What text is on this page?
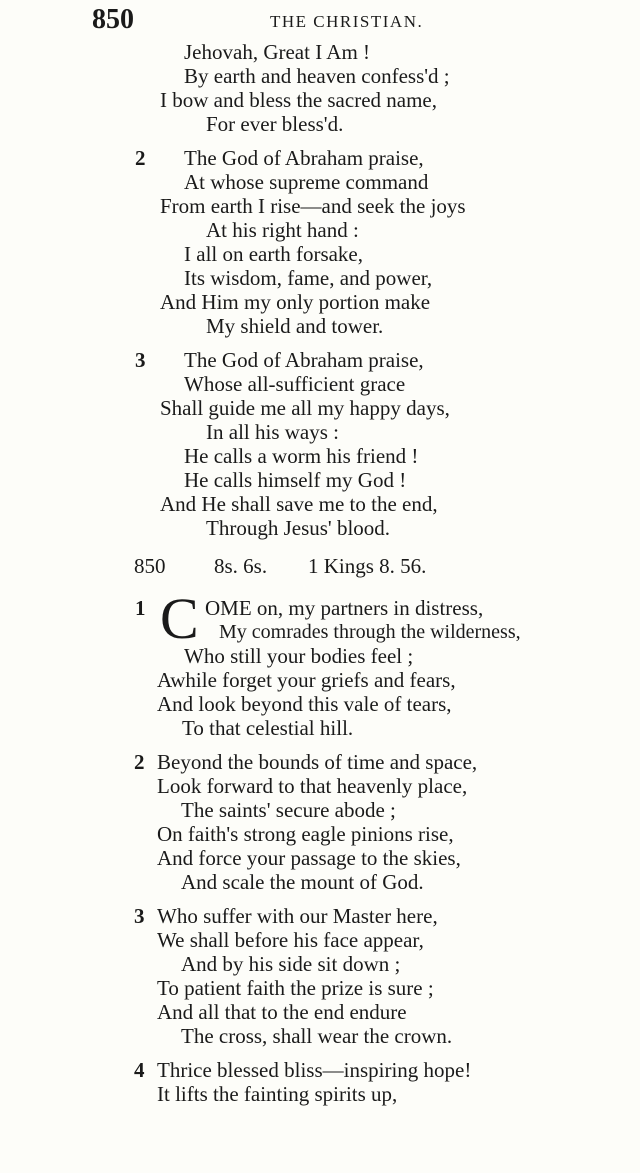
850	THE CHRISTIAN.
Jehovah, Great I Am !
By earth and heaven confess'd ;
I bow and bless the sacred name,
For ever bless'd.
2 The God of Abraham praise,
At whose supreme command
From earth I rise—and seek the joys
At his right hand :
I all on earth forsake,
Its wisdom, fame, and power,
And Him my only portion make
My shield and tower.
3 The God of Abraham praise,
Whose all-sufficient grace
Shall guide me all my happy days,
In all his ways :
He calls a worm his friend !
He calls himself my God !
And He shall save me to the end,
Through Jesus' blood.
850 8s. 6s. 1 Kings 8. 56.
1 C OME on, my partners in distress,
My comrades through the wilderness,
Who still your bodies feel ;
Awhile forget your griefs and fears,
And look beyond this vale of tears,
To that celestial hill.
2 Beyond the bounds of time and space,
Look forward to that heavenly place,
The saints' secure abode ;
On faith's strong eagle pinions rise,
And force your passage to the skies,
And scale the mount of God.
3 Who suffer with our Master here,
We shall before his face appear,
And by his side sit down ;
To patient faith the prize is sure ;
And all that to the end endure
The cross, shall wear the crown.
4 Thrice blessed bliss—inspiring hope!
It lifts the fainting spirits up,
